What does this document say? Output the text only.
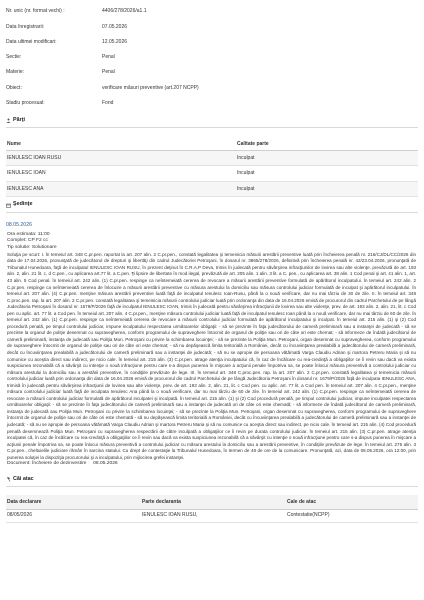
Nr. unic (nr. format vechi) :	4406/278/2026/a1.1
Data înregistrarii:	07.05.2026
Data ultimei modificari:	12.05.2026
Sectie:	Penal
Materie:	Penal
Obiect:	verificare măsuri preventive (art.207 NCPP)
Stadiu procesual:	Fond
Părţi
Nume	Calitate parte
IENULESC IOAN RUSU	Inculpat
IENULESC IOAN	Inculpat
IENULESC ANA	Inculpat
Şedinţe
08.05.2026
Ora estimata: 11:00
Complet: CP F2 cc
Tip solutie: Solutionare
Soluţia pe scurt: I. În temeiul art. 348 C.pr.pen. raportat la art. 207 alin. 2 C.pr.pen., constată legalitatea şi temeinicia măsurii arestării preventive luată prin încheierea penală nr. 216/CJ/DL/CC/2026 din data de 17.04.2026, pronunţată de judecătorul de drepturi şi libertăţi din cadrul Judecătoriei Petroşani, în dosarul nr. 3865/278/2026, definitivă prin încheierea penală nr. 42/23.04.2026, pronunţată de Tribunalul Hunedoara, faţă de inculpatul IENULESC IOAN RUSU, în prezent deţinut în C.R.A.P Deva, trimis în judecată pentru săvârşirea infracţiunilor de lovirea sau alte violenţe, prevăzută de art. 193 alin. 2, alin. 21 lit. c, d C.pen., cu aplicarea art.77 lit. a C.pen. ¶i lipsire de libertate în mod ilegal, prevăzută de art. 205 alin. 1 alin. 3 lit. a C. pen., cu aplicarea art. 38 alin. 1 Cod penal şi art. 41 alin. 1, art. 43 alin. 5 Cod penal. În temeiul art. 242 alin. (1) C.pr.pen. respinge ca neîntemeiată cererea de revocare a măsurii arestării preventive formulată de apărătorul inculpatului. În temeiul art. 242 alin. 2 C.pr.pen. respinge ca neîntemeiată cererea de înlocuire a măsurii arestării preventive cu măsura arestului la domiciliu sau măsura controlului judiciar formulată de inculpat şi apărătorul inculpatului. În temeiul art. 207 alin. (4) C.pr.pen. menţine măsura arestării preventive luată faţă de inculpatul Ienulesc Ioan-Rusu, până la o nouă verificare, dar nu mai târziu de 30 de zile. II. În temeiul art. 348 C.proc.pen. rap. la art. 207 alin. 2 C.pr.pen. constată legalitatea şi temeinicia măsurii controlului judiciar luată prin ordonanţa din data de 16.04.2026 emisă de procurorul din cadrul Parchetului de pe lângă Judecătoria Petroşani în dosarul nr. 1679/P/2026 faţă de inculpatul IENULESC IOAN, trimis în judecată pentru săvârşirea infracţiunii de lovirea sau alte violenţe, prev. de art. 193 alin. 2, alin. 21, lit. c Cod pen cu aplic. art. 77 lit. a Cod pen. În temeiul art. 207 alin. 4 C.pr.pen., menţine măsura controlului judiciar luată faţă de inculpatul Ienulesc Ioan până la o nouă verificare, dar nu mai târziu de 60 de zile. În temeiul art. 242 alin. (1) C.pr.pen. respinge ca neîntemeiată cererea de revocare a măsurii controlului judiciar formulată de apărătorul inculpatului şi inculpat. În temeiul art. 215 alin. (1) şi (2) Cod procedură penală, pe timpul controlului judiciar, impune inculpatului respectarea următoarelor obligaţii: - să se prezinte în faţa judecătorului de cameră preliminară sau a instanţei de judecată - să se prezinte la organul de poliţie desemnat cu supravegherea, conform programului de supraveghere întocmit de organul de poliţie sau ori de câte ori este chemat; - să informeze de îndată judecătorul de cameră preliminară, instanţa de judecată sau Poliţia Mun. Petroşani cu privire la schimbarea locuinţei; - să se prezinte la Poliţia Mun. Petroşani, organ desemnat cu supravegherea, conform programului de supraveghere întocmit de organul de poliţie sau ori de câte ori este chemat; - să nu depăşească limita teritorială a României, decât cu încuviinţarea prealabilă a judecătorului de cameră preliminară, decât cu încuviinţarea prealabilă a judecătorului de cameră preliminară sau a instanţei de judecată; - să nu se apropie de persoana vătămată Varga Claudiu Adrian şi martora Petreru Maria şi să nu comunice cu aceştia direct sau indirect, pe nicio cale. În temeiul art. 215 alin. (3) C.pr.pen. atrage atenţia inculpatului că, în caz de încălcare cu rea-credinţă a obligaţiilor ce îi revin sau dacă va exista suspiciunea rezonabilă că a săvârşit cu intenţie o nouă infracţiune pentru care s-a dispus punerea în mişcare a acţiunii penale împotriva sa, se poate înlocui măsura preventivă a controlului judiciar cu măsura arestului la domiciliu sau a arestării preventive, în condiţiile prevăzute de lege. III. În temeiul art. 348 C.proc.pen. rap. la art. 207 alin. 2 C.pr.pen. constată legalitatea şi temeinicia măsurii controlului judiciar luată prin ordonanţa din data de 16.04.2026 emisă de procurorul din cadrul Parchetului de pe lângă Judecătoria Petroşani în dosarul nr. 1679/P/2026 faţă de inculpata IENULESC ANA, trimisă în judecată pentru săvârşirea infracţiunii de lovirea sau alte violenţe, prev. de art. 193 alin. 2, alin. 21, lit. c Cod pen. cu aplic. art. 77 lit. a Cod pen. În temeiul art. 207 alin. 4 C.pr.pen., menţine măsura controlului judiciar luată faţă de inculpata Ienulesc Ana până la o nouă verificare, dar nu mai târziu de 60 de zile. În temeiul art. 242 alin. (1) C.pr.pen. respinge ca neîntemeiată cererea de revocare a măsurii controlului judiciar formulată de apărătorul inculpatei şi inculpată. În temeiul art. 215 alin. (1) şi (2) Cod procedură penală, pe timpul controlului judiciar, impune inculpatei respectarea următoarelor obligaţii: - să se prezinte în faţa judecătorului de cameră preliminară sau a instanţei de judecată ori de câte ori este chemată; - să informeze de îndată judecătorul de cameră preliminară, instanţa de judecată sau Poliţia Mun. Petroşani cu privire la schimbarea locuinţei; - să se prezinte la Poliţia Mun. Petroşani, organ desemnat cu supravegherea, conform programului de supraveghere întocmit de organul de poliţie sau ori de câte ori este chemată - să nu depăşească limita teritorială a României, decât cu încuviinţarea prealabilă a judecătorului de cameră preliminară sau a instanţei de judecată; - să nu se apropie de persoana vătămată Varga Claudiu Adrian şi martora Petreru Maria şi să nu comunice cu aceştia direct sau indirect, pe nicio cale. În temeiul art. 215 alin. (4) Cod procedură penală desemnează Poliţia Mun. Petroşani cu supravegherea respectării de către inculpată a obligaţiilor ce îi revin pe durata controlului judiciar. În temeiul art. 215 alin. (3) C.pr.pen. atrage atenţia inculpatei că, în caz de încălcare cu rea-credinţă a obligaţiilor ce îi revin sau dacă va exista suspiciunea rezonabilă că a săvârşit cu intenţie o nouă infracţiune pentru care s-a dispus punerea în mişcare a acţiunii penale împotriva sa, se poate înlocui măsura preventivă a controlului judiciar cu măsura arestului la domiciliu sau a arestării preventive, în condiţiile prevăzute de lege. În temeiul art. 275 alin. 3 C.pr.pen., cheltuielile judiciare rămân în sarcina statului. Cu drept de contestaţie la Tribunalul Hunedoara, în termen de 48 de ore de la comunicare. Pronunţată, azi, data de 08.05.2026, ora 12:00, prin punerea soluţiei la dispoziţia procurorului şi a inculpatului, prin mijlocirea grefei instanţei.
Document: Încheiere de dezinvestire     08.05.2026
Căi atac
Data declarare	Parte declaranta	Cale de atac
08/05/2026	IENULESC IOAN RUSU,	Contestatie(NCPP)
